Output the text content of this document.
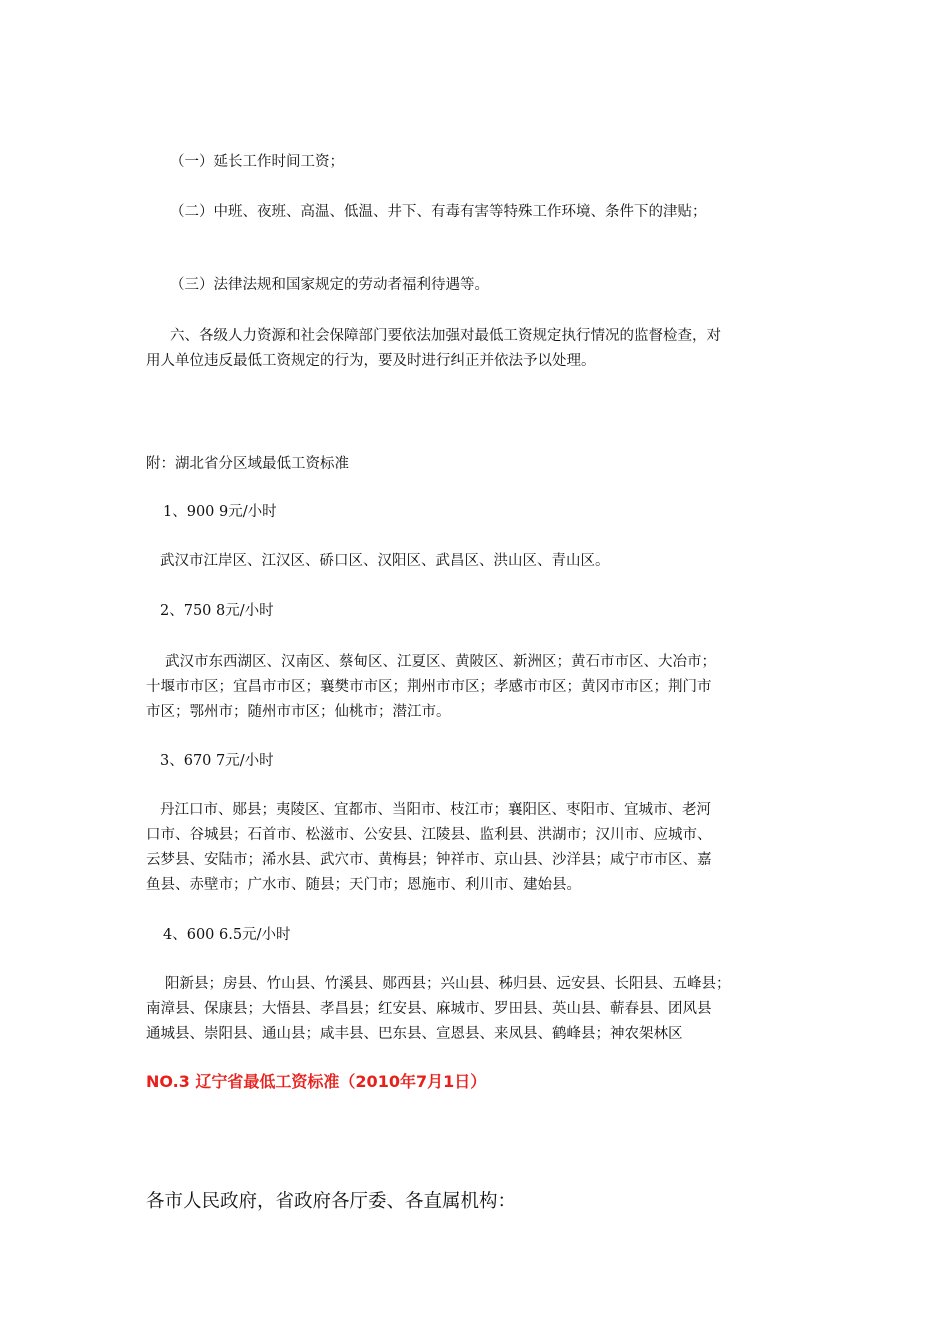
（一）延长工作时间工资；
（二）中班、夜班、高温、低温、井下、有毒有害等特殊工作环境、条件下的津贴；
（三）法律法规和国家规定的劳动者福利待遇等。
六、各级人力资源和社会保障部门要依法加强对最低工资规定执行情况的监督检查，对
用人单位违反最低工资规定的行为，要及时进行纠正并依法予以处理。
附：湖北省分区域最低工资标准
1、900 9元/小时
武汉市江岸区、江汉区、硚口区、汉阳区、武昌区、洪山区、青山区。
2、750 8元/小时
武汉市东西湖区、汉南区、蔡甸区、江夏区、黄陂区、新洲区；黄石市市区、大冶市；
十堰市市区；宜昌市市区；襄樊市市区；荆州市市区；孝感市市区；黄冈市市区；荆门市
市区；鄂州市；随州市市区；仙桃市；潜江市。
3、670 7元/小时
丹江口市、郧县；夷陵区、宜都市、当阳市、枝江市；襄阳区、枣阳市、宜城市、老河
口市、谷城县；石首市、松滋市、公安县、江陵县、监利县、洪湖市；汉川市、应城市、
云梦县、安陆市；浠水县、武穴市、黄梅县；钟祥市、京山县、沙洋县；咸宁市市区、嘉
鱼县、赤壁市；广水市、随县；天门市；恩施市、利川市、建始县。
4、600 6.5元/小时
阳新县；房县、竹山县、竹溪县、郧西县；兴山县、秭归县、远安县、长阳县、五峰县；
南漳县、保康县；大悟县、孝昌县；红安县、麻城市、罗田县、英山县、蕲春县、团风县
通城县、崇阳县、通山县；咸丰县、巴东县、宣恩县、来凤县、鹤峰县；神农架林区
NO.3 辽宁省最低工资标准（2010年7月1日）
各市人民政府，省政府各厅委、各直属机构：
